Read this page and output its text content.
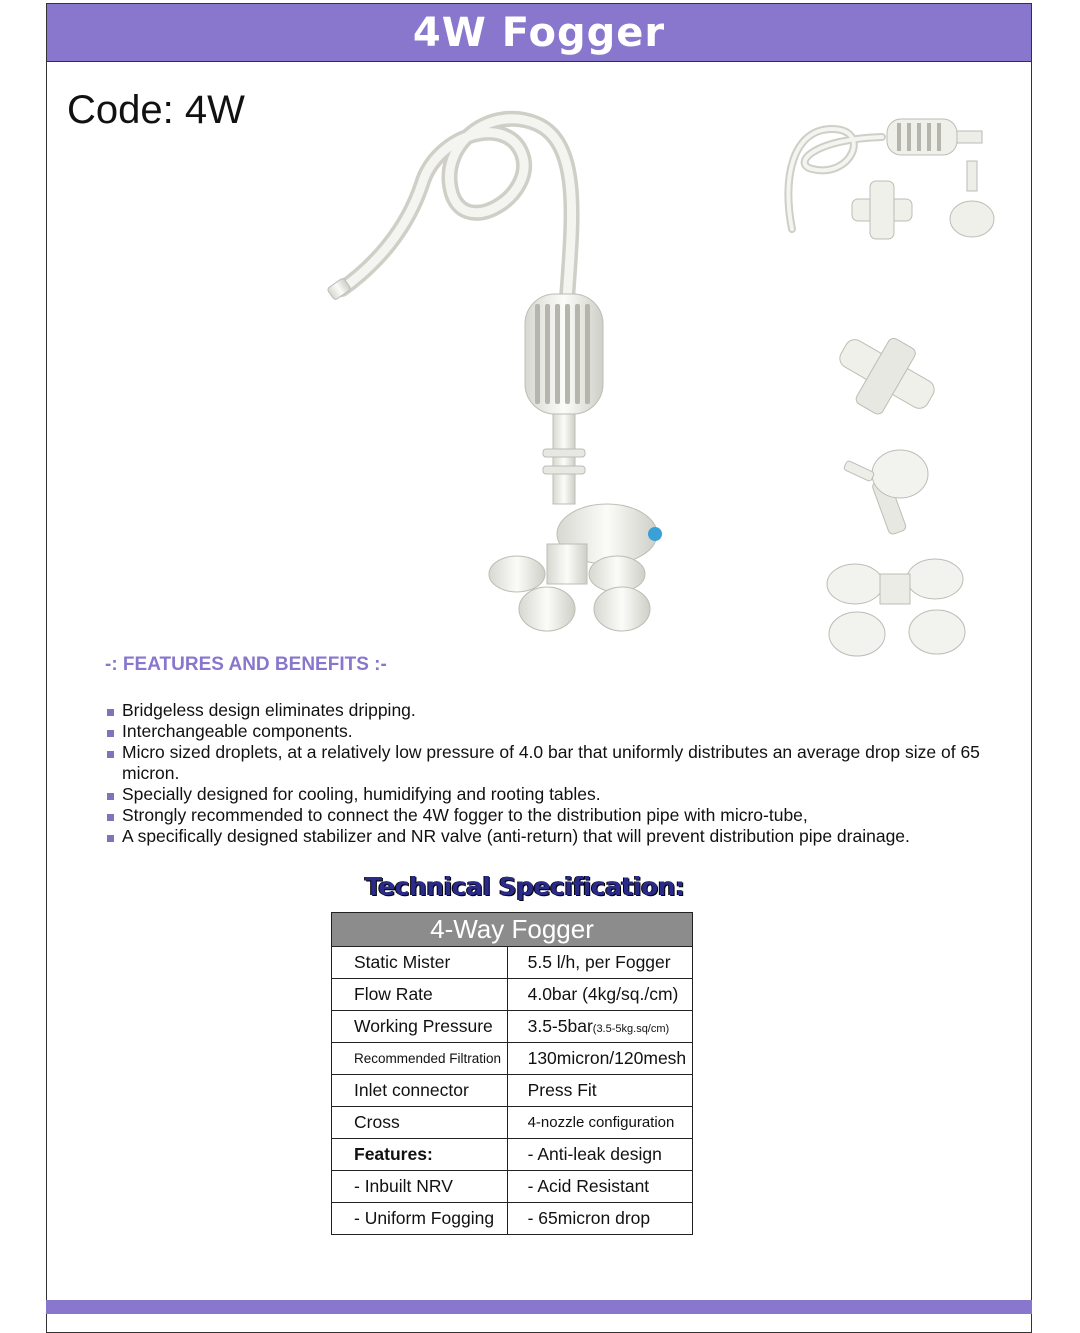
4W Fogger
Code: 4W
-: FEATURES AND BENEFITS :-
Bridgeless design eliminates dripping.
Interchangeable components.
Micro sized droplets, at a relatively low pressure of 4.0 bar that uniformly distributes an average drop size of 65 micron.
Specially designed for cooling, humidifying and rooting tables.
Strongly recommended to connect the 4W fogger to the distribution pipe with micro-tube,
A specifically designed stabilizer and NR valve (anti-return) that will prevent distribution pipe drainage.
Technical Specification:
4-Way Fogger	
Static Mister	5.5 l/h, per Fogger
Flow Rate	4.0bar (4kg/sq./cm)
Working Pressure	3.5-5bar(3.5-5kg.sq/cm)
Recommended Filtration	130micron/120mesh
Inlet connector	Press Fit
Cross	4-nozzle configuration
Features:	- Anti-leak design
- Inbuilt NRV	- Acid Resistant
- Uniform Fogging	- 65micron drop
